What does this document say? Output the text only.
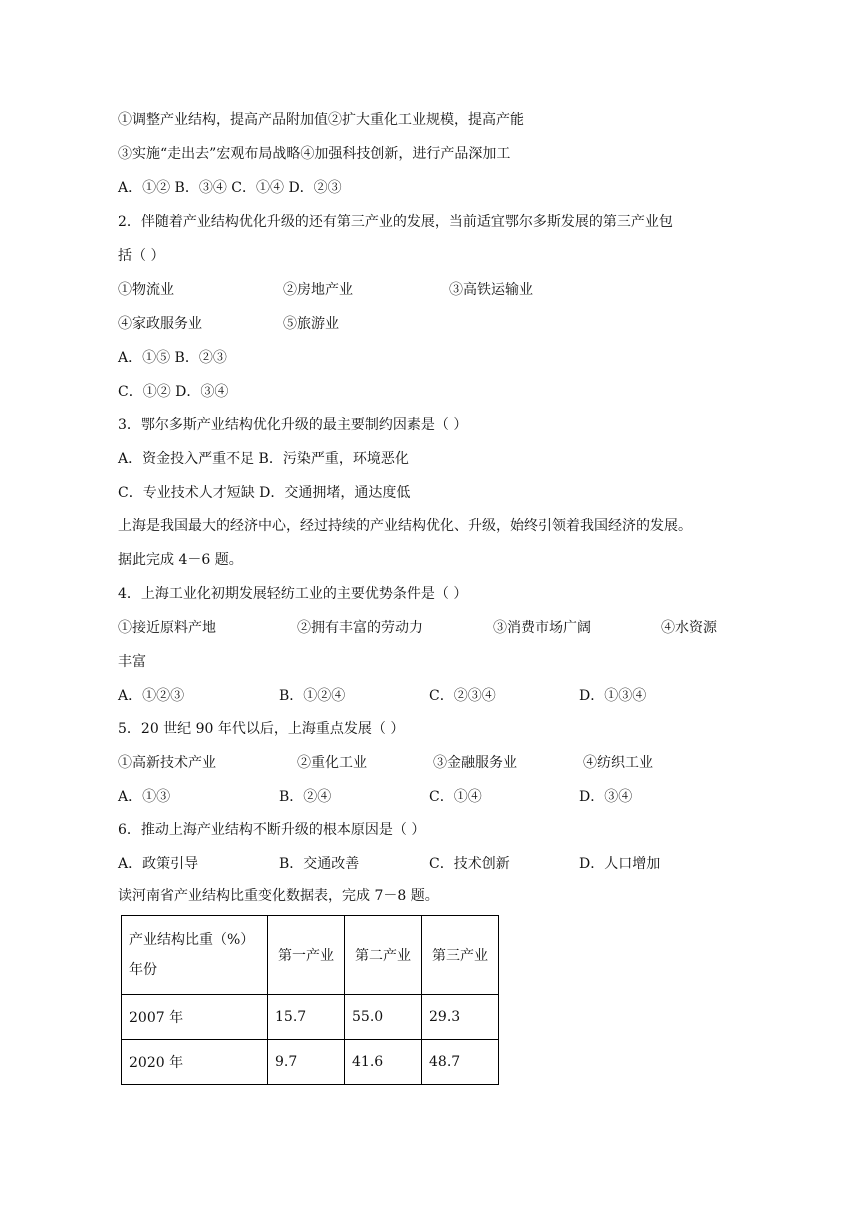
①调整产业结构，提高产品附加值②扩大重化工业规模，提高产能
③实施“走出去”宏观布局战略④加强科技创新，进行产品深加工
A．①② B．③④ C．①④ D．②③
2．伴随着产业结构优化升级的还有第三产业的发展，当前适宜鄂尔多斯发展的第三产业包
括（ ）
①物流业	②房地产业	③高铁运输业
④家政服务业	⑤旅游业
A．①⑤ B．②③
C．①② D．③④
3．鄂尔多斯产业结构优化升级的最主要制约因素是（ ）
A．资金投入严重不足 B．污染严重，环境恶化
C．专业技术人才短缺 D．交通拥堵，通达度低
上海是我国最大的经济中心，经过持续的产业结构优化、升级，始终引领着我国经济的发展。
据此完成 4－6 题。
4．上海工业化初期发展轻纺工业的主要优势条件是（ ）
①接近原料产地	②拥有丰富的劳动力	③消费市场广阔	④水资源
丰富
A．①②③	B．①②④	C．②③④	D．①③④
5．20 世纪 90 年代以后，上海重点发展（ ）
①高新技术产业	②重化工业	③金融服务业	④纺织工业
A．①③	B．②④	C．①④	D．③④
6．推动上海产业结构不断升级的根本原因是（ ）
A．政策引导	B．交通改善	C．技术创新	D．人口增加
读河南省产业结构比重变化数据表，完成 7－8 题。
产业结构比重（%）
年份	第一产业	第二产业	第三产业
2007 年	15.7	55.0	29.3
2020 年	9.7	41.6	48.7
